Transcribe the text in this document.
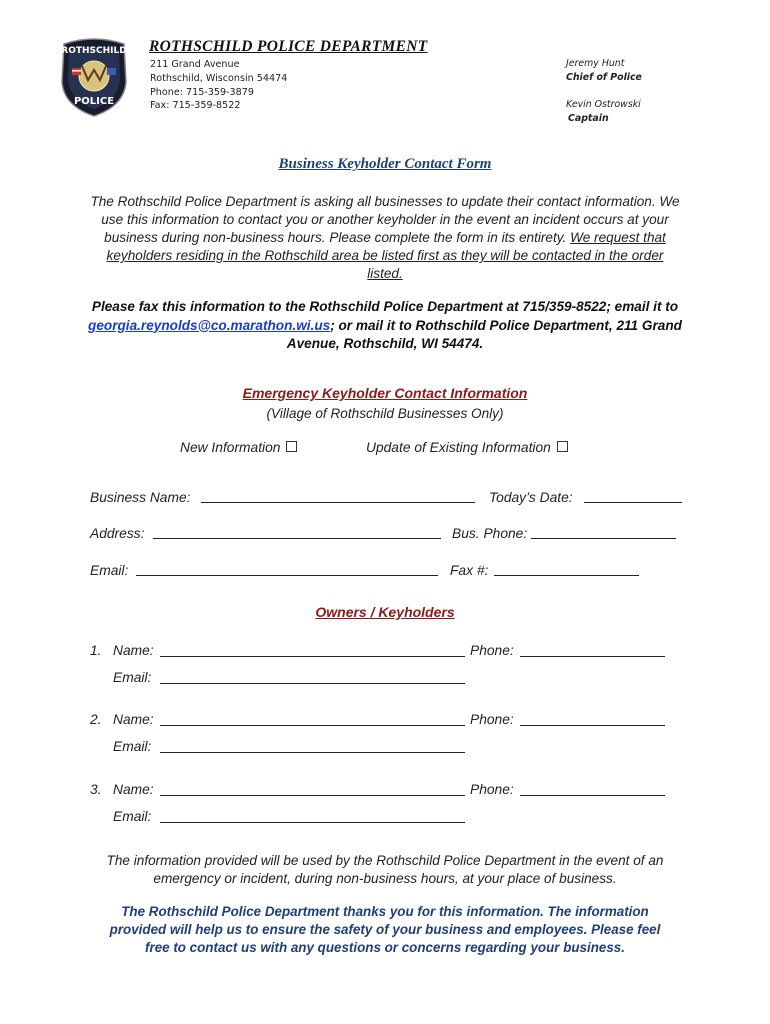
ROTHSCHILD
POLICE
ROTHSCHILD POLICE DEPARTMENT
211 Grand Avenue
Rothschild, Wisconsin 54474
Phone: 715-359-3879
Fax: 715-359-8522
Jeremy Hunt
Chief of Police
Kevin Ostrowski
Captain
Business Keyholder Contact Form
The Rothschild Police Department is asking all businesses to update their contact information. We use this information to contact you or another keyholder in the event an incident occurs at your business during non-business hours. Please complete the form in its entirety. We request that keyholders residing in the Rothschild area be listed first as they will be contacted in the order listed.
Please fax this information to the Rothschild Police Department at 715/359-8522; email it to georgia.reynolds@co.marathon.wi.us; or mail it to Rothschild Police Department, 211 Grand Avenue, Rothschild, WI 54474.
Emergency Keyholder Contact Information
(Village of Rothschild Businesses Only)
New Information	Update of Existing Information
Business Name:	Today’s Date:
Address:	Bus. Phone:
Email:	Fax #:
Owners / Keyholders
1. Name:	Phone:
Email:
2. Name:	Phone:
Email:
3. Name:	Phone:
Email:
The information provided will be used by the Rothschild Police Department in the event of an emergency or incident, during non-business hours, at your place of business.
The Rothschild Police Department thanks you for this information. The information provided will help us to ensure the safety of your business and employees. Please feel free to contact us with any questions or concerns regarding your business.
